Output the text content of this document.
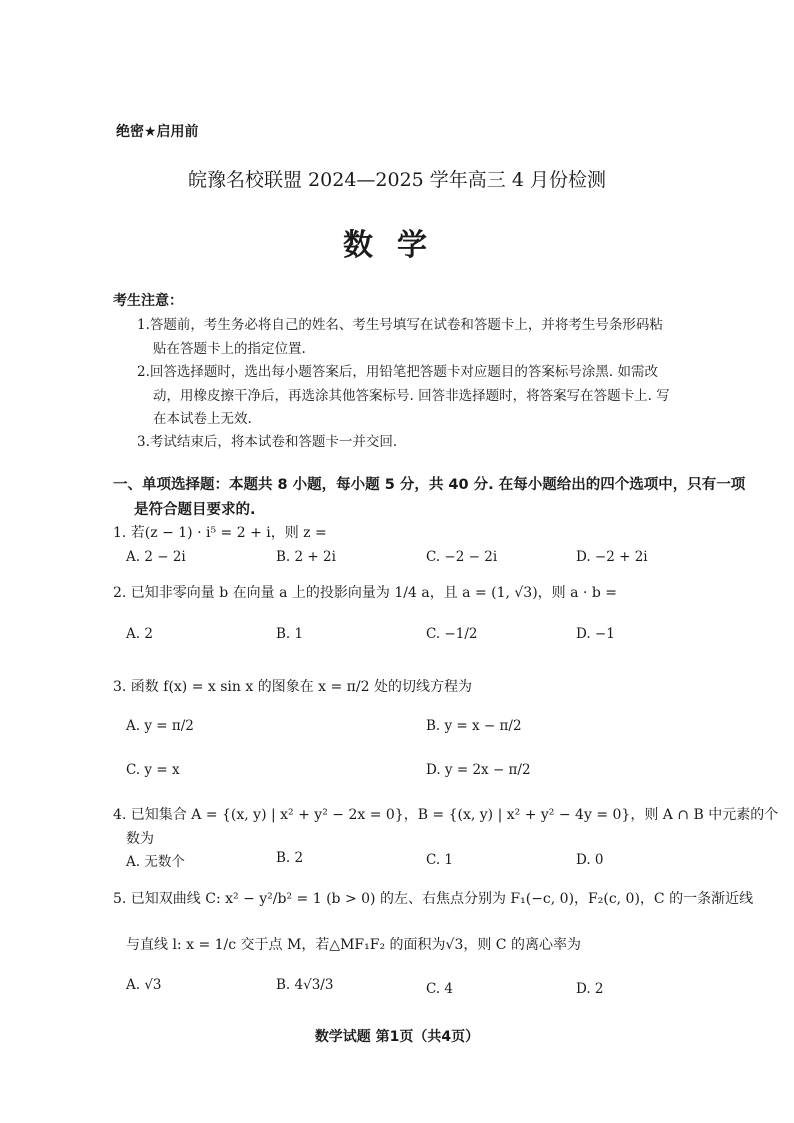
绝密★启用前
皖豫名校联盟 2024—2025 学年高三 4 月份检测
数学
考生注意：
1.答题前，考生务必将自己的姓名、考生号填写在试卷和答题卡上，并将考生号条形码粘
贴在答题卡上的指定位置.
2.回答选择题时，选出每小题答案后，用铅笔把答题卡对应题目的答案标号涂黑. 如需改
动，用橡皮擦干净后，再选涂其他答案标号. 回答非选择题时，将答案写在答题卡上. 写
在本试卷上无效.
3.考试结束后，将本试卷和答题卡一并交回.
一、单项选择题：本题共 8 小题，每小题 5 分，共 40 分. 在每小题给出的四个选项中，只有一项
是符合题目要求的.
1. 若(z − 1) · i⁵ = 2 + i，则 z =
A. 2 − 2i	B. 2 + 2i	C. −2 − 2i	D. −2 + 2i
2. 已知非零向量 b 在向量 a 上的投影向量为 1/4 a，且 a = (1, √3)，则 a · b =
A. 2	B. 1	C. −1/2	D. −1
3. 函数 f(x) = x sin x 的图象在 x = π/2 处的切线方程为
A. y = π/2	B. y = x − π/2
C. y = x	D. y = 2x − π/2
4. 已知集合 A = {(x, y) | x² + y² − 2x = 0}，B = {(x, y) | x² + y² − 4y = 0}，则 A ∩ B 中元素的个
数为
A. 无数个	B. 2	C. 1	D. 0
5. 已知双曲线 C: x² − y²/b² = 1 (b > 0) 的左、右焦点分别为 F₁(−c, 0)，F₂(c, 0)，C 的一条渐近线
与直线 l: x = 1/c 交于点 M，若△MF₁F₂ 的面积为√3，则 C 的离心率为
A. √3	B. 4√3/3	C. 4	D. 2
数学试题 第1页（共4页）
